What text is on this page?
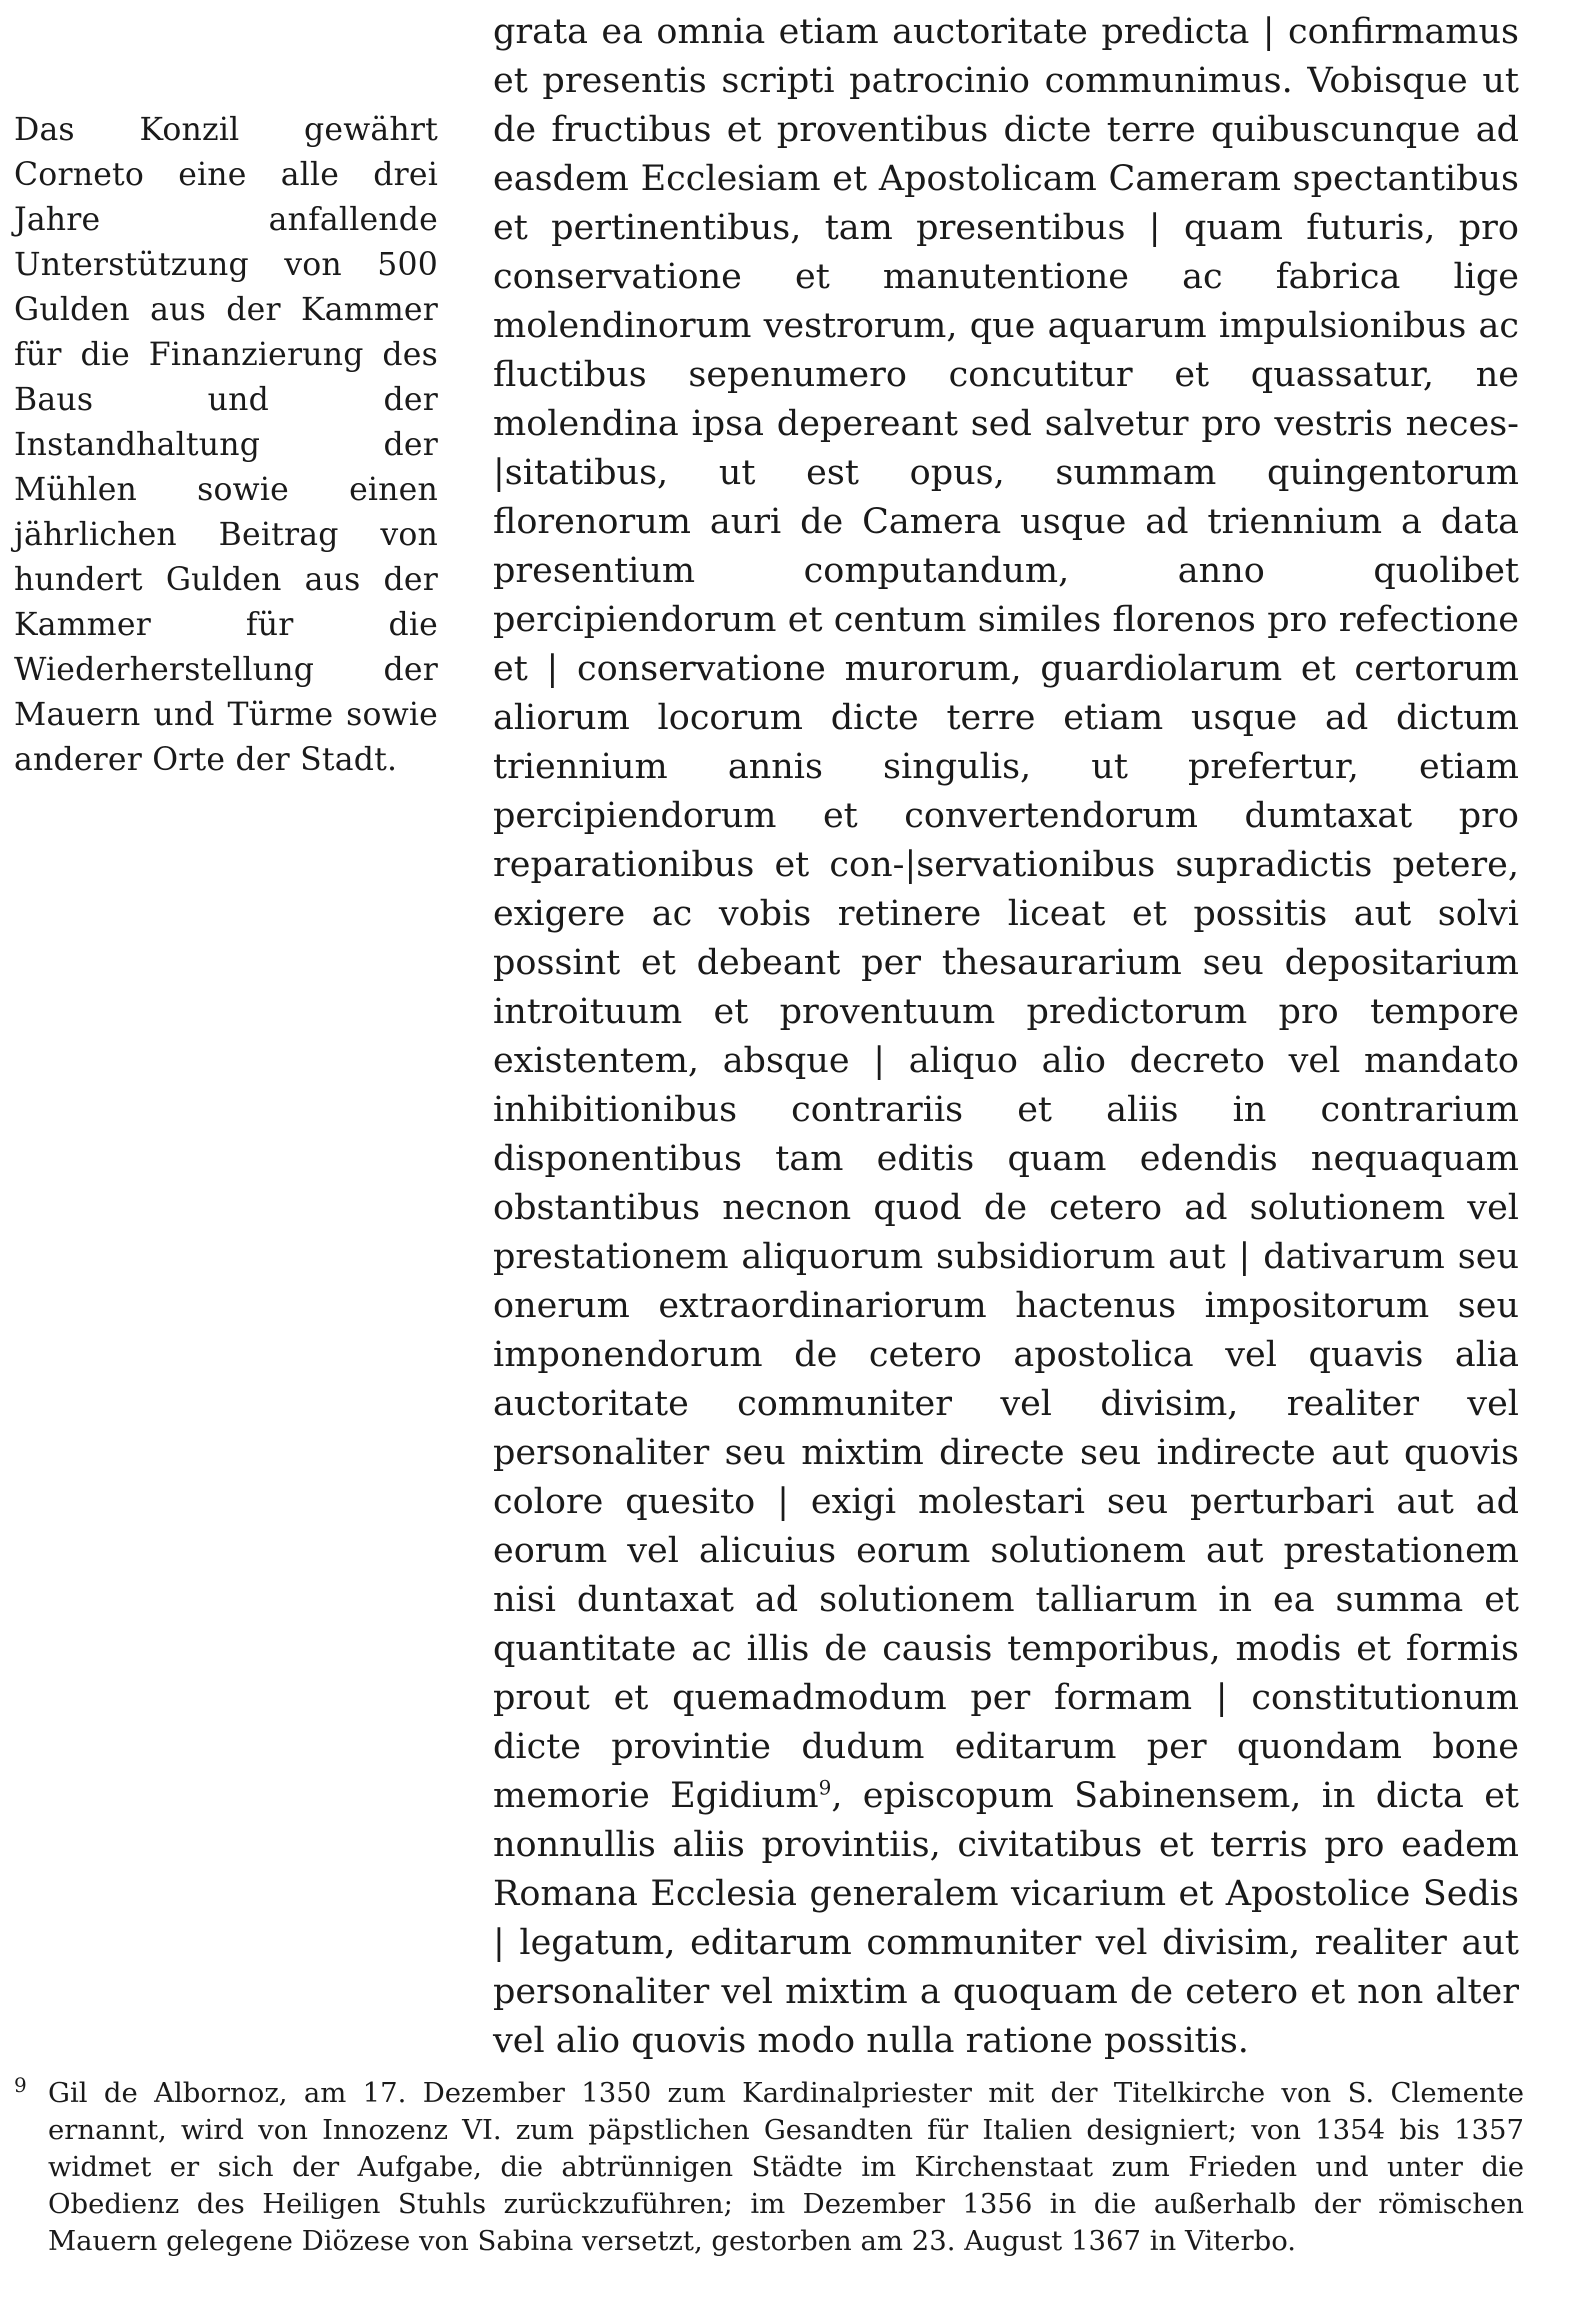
Das Konzil gewährt Corneto eine alle drei Jahre anfallende Unterstützung von 500 Gulden aus der Kammer für die Finanzierung des Baus und der Instandhaltung der Mühlen sowie einen jährlichen Beitrag von hundert Gulden aus der Kammer für die Wiederherstellung der Mauern und Türme sowie anderer Orte der Stadt.

grata ea omnia etiam auctoritate predicta | confirmamus et presentis scripti patrocinio communimus. Vobisque ut de fructibus et proventibus dicte terre quibuscunque ad easdem Ecclesiam et Apostolicam Cameram spectantibus et pertinentibus, tam presentibus | quam futuris, pro conservatione et manutentione ac fabrica lige molendinorum vestrorum, que aquarum impulsionibus ac fluctibus sepenumero concutitur et quassatur, ne molendina ipsa depereant sed salvetur pro vestris neces-|sitatibus, ut est opus, summam quingentorum florenorum auri de Camera usque ad triennium a data presentium computandum, anno quolibet percipiendorum et centum similes florenos pro refectione et | conservatione murorum, guardiolarum et certorum aliorum locorum dicte terre etiam usque ad dictum triennium annis singulis, ut prefertur, etiam percipiendorum et convertendorum dumtaxat pro reparationibus et con-|servationibus supradictis petere, exigere ac vobis retinere liceat et possitis aut solvi possint et debeant per thesaurarium seu depositarium introituum et proventuum predictorum pro tempore existentem, absque | aliquo alio decreto vel mandato inhibitionibus contrariis et aliis in contrarium disponentibus tam editis quam edendis nequaquam obstantibus necnon quod de cetero ad solutionem vel prestationem aliquorum subsidiorum aut | dativarum seu onerum extraordinariorum hactenus impositorum seu imponendorum de cetero apostolica vel quavis alia auctoritate communiter vel divisim, realiter vel personaliter seu mixtim directe seu indirecte aut quovis colore quesito | exigi molestari seu perturbari aut ad eorum vel alicuius eorum solutionem aut prestationem nisi duntaxat ad solutionem talliarum in ea summa et quantitate ac illis de causis temporibus, modis et formis prout et quemadmodum per formam | constitutionum dicte provintie dudum editarum per quondam bone memorie Egidium$^9$, episcopum Sabinensem, in dicta et nonnullis aliis provintiis, civitatibus et terris pro eadem Romana Ecclesia generalem vicarium et Apostolice Sedis | legatum, editarum communiter vel divisim, realiter aut personaliter vel mixtim a quoquam de cetero et non alter vel alio quovis modo nulla ratione possitis.

9 Gil de Albornoz, am 17. Dezember 1350 zum Kardinalpriester mit der Titelkirche von S. Clemente ernannt, wird von Innozenz VI. zum päpstlichen Gesandten für Italien designiert; von 1354 bis 1357 widmet er sich der Aufgabe, die abtrünnigen Städte im Kirchenstaat zum Frieden und unter die Obedienz des Heiligen Stuhls zurückzuführen; im Dezember 1356 in die außerhalb der römischen Mauern gelegene Diözese von Sabina versetzt, gestorben am 23. August 1367 in Viterbo.
